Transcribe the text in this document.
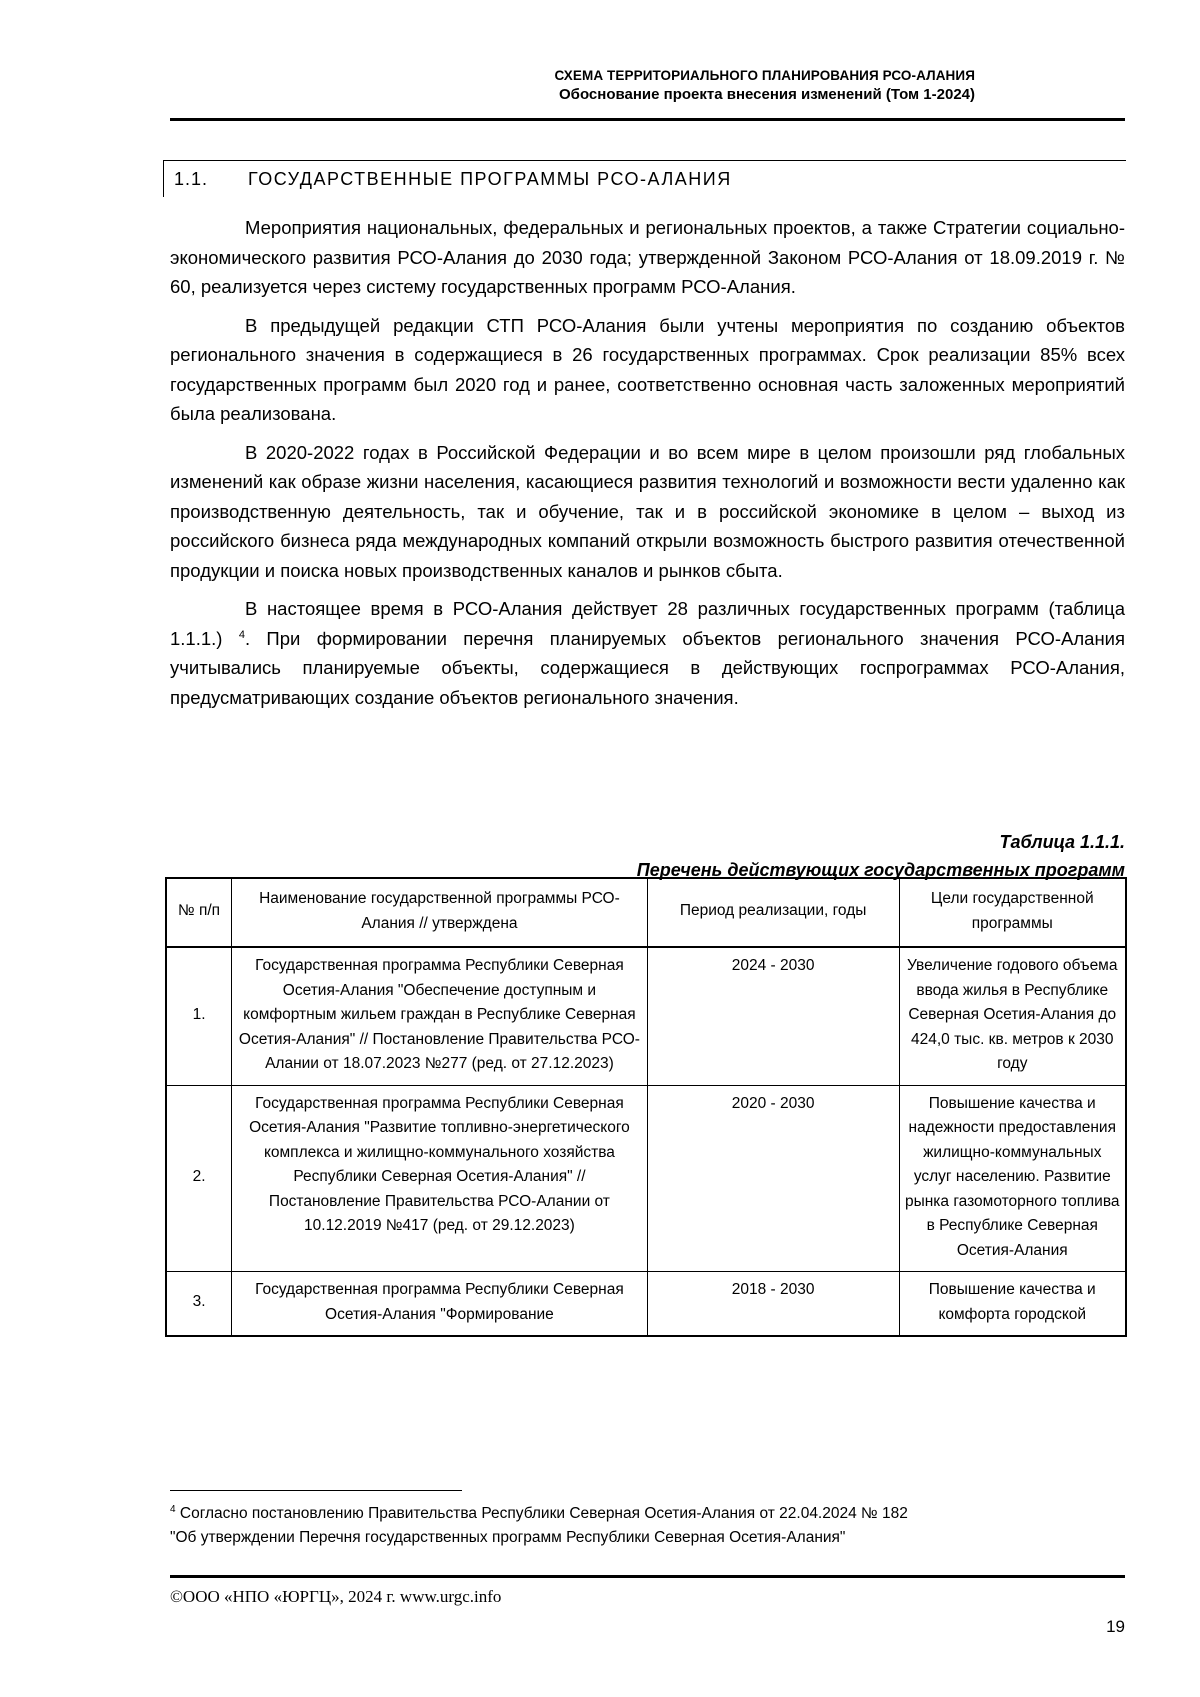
СХЕМА ТЕРРИТОРИАЛЬНОГО ПЛАНИРОВАНИЯ РСО-АЛАНИЯ
Обоснование проекта внесения изменений (Том 1-2024)
1.1. ГОСУДАРСТВЕННЫЕ ПРОГРАММЫ РСО-АЛАНИЯ

Мероприятия национальных, федеральных и региональных проектов, а также Стратегии социально-экономического развития РСО-Алания до 2030 года; утвержденной Законом РСО-Алания от 18.09.2019 г. № 60, реализуется через систему государственных программ РСО-Алания.

В предыдущей редакции СТП РСО-Алания были учтены мероприятия по созданию объектов регионального значения в содержащиеся в 26 государственных программах. Срок реализации 85% всех государственных программ был 2020 год и ранее, соответственно основная часть заложенных мероприятий была реализована.

В 2020-2022 годах в Российской Федерации и во всем мире в целом произошли ряд глобальных изменений как образе жизни населения, касающиеся развития технологий и возможности вести удаленно как производственную деятельность, так и обучение, так и в российской экономике в целом – выход из российского бизнеса ряда международных компаний открыли возможность быстрого развития отечественной продукции и поиска новых производственных каналов и рынков сбыта.

В настоящее время в РСО-Алания действует 28 различных государственных программ (таблица 1.1.1.) $^4$. При формировании перечня планируемых объектов регионального значения РСО-Алания учитывались планируемые объекты, содержащиеся в действующих госпрограммах РСО-Алания, предусматривающих создание объектов регионального значения.

Таблица 1.1.1.
Перечень действующих государственных программ
№ п/п	Наименование государственной программы РСО-Алания // утверждена	Период реализации, годы	Цели государственной программы
1.	Государственная программа Республики Северная Осетия-Алания "Обеспечение доступным и комфортным жильем граждан в Республике Северная Осетия-Алания" // Постановление Правительства РСО-Алании от 18.07.2023 №277 (ред. от 27.12.2023)	2024 - 2030	Увеличение годового объема ввода жилья в Республике Северная Осетия-Алания до 424,0 тыс. кв. метров к 2030 году
2.	Государственная программа Республики Северная Осетия-Алания "Развитие топливно-энергетического комплекса и жилищно-коммунального хозяйства Республики Северная Осетия-Алания" // Постановление Правительства РСО-Алании от 10.12.2019 №417 (ред. от 29.12.2023)	2020 - 2030	Повышение качества и надежности предоставления жилищно-коммунальных услуг населению. Развитие рынка газомоторного топлива в Республике Северная Осетия-Алания
3.	Государственная программа Республики Северная Осетия-Алания "Формирование	2018 - 2030	Повышение качества и комфорта городской
$^4$ Согласно постановлению Правительства Республики Северная Осетия-Алания от 22.04.2024 № 182
"Об утверждении Перечня государственных программ Республики Северная Осетия-Алания"
©ООО «НПО «ЮРГЦ», 2024 г. www.urgc.info
19
